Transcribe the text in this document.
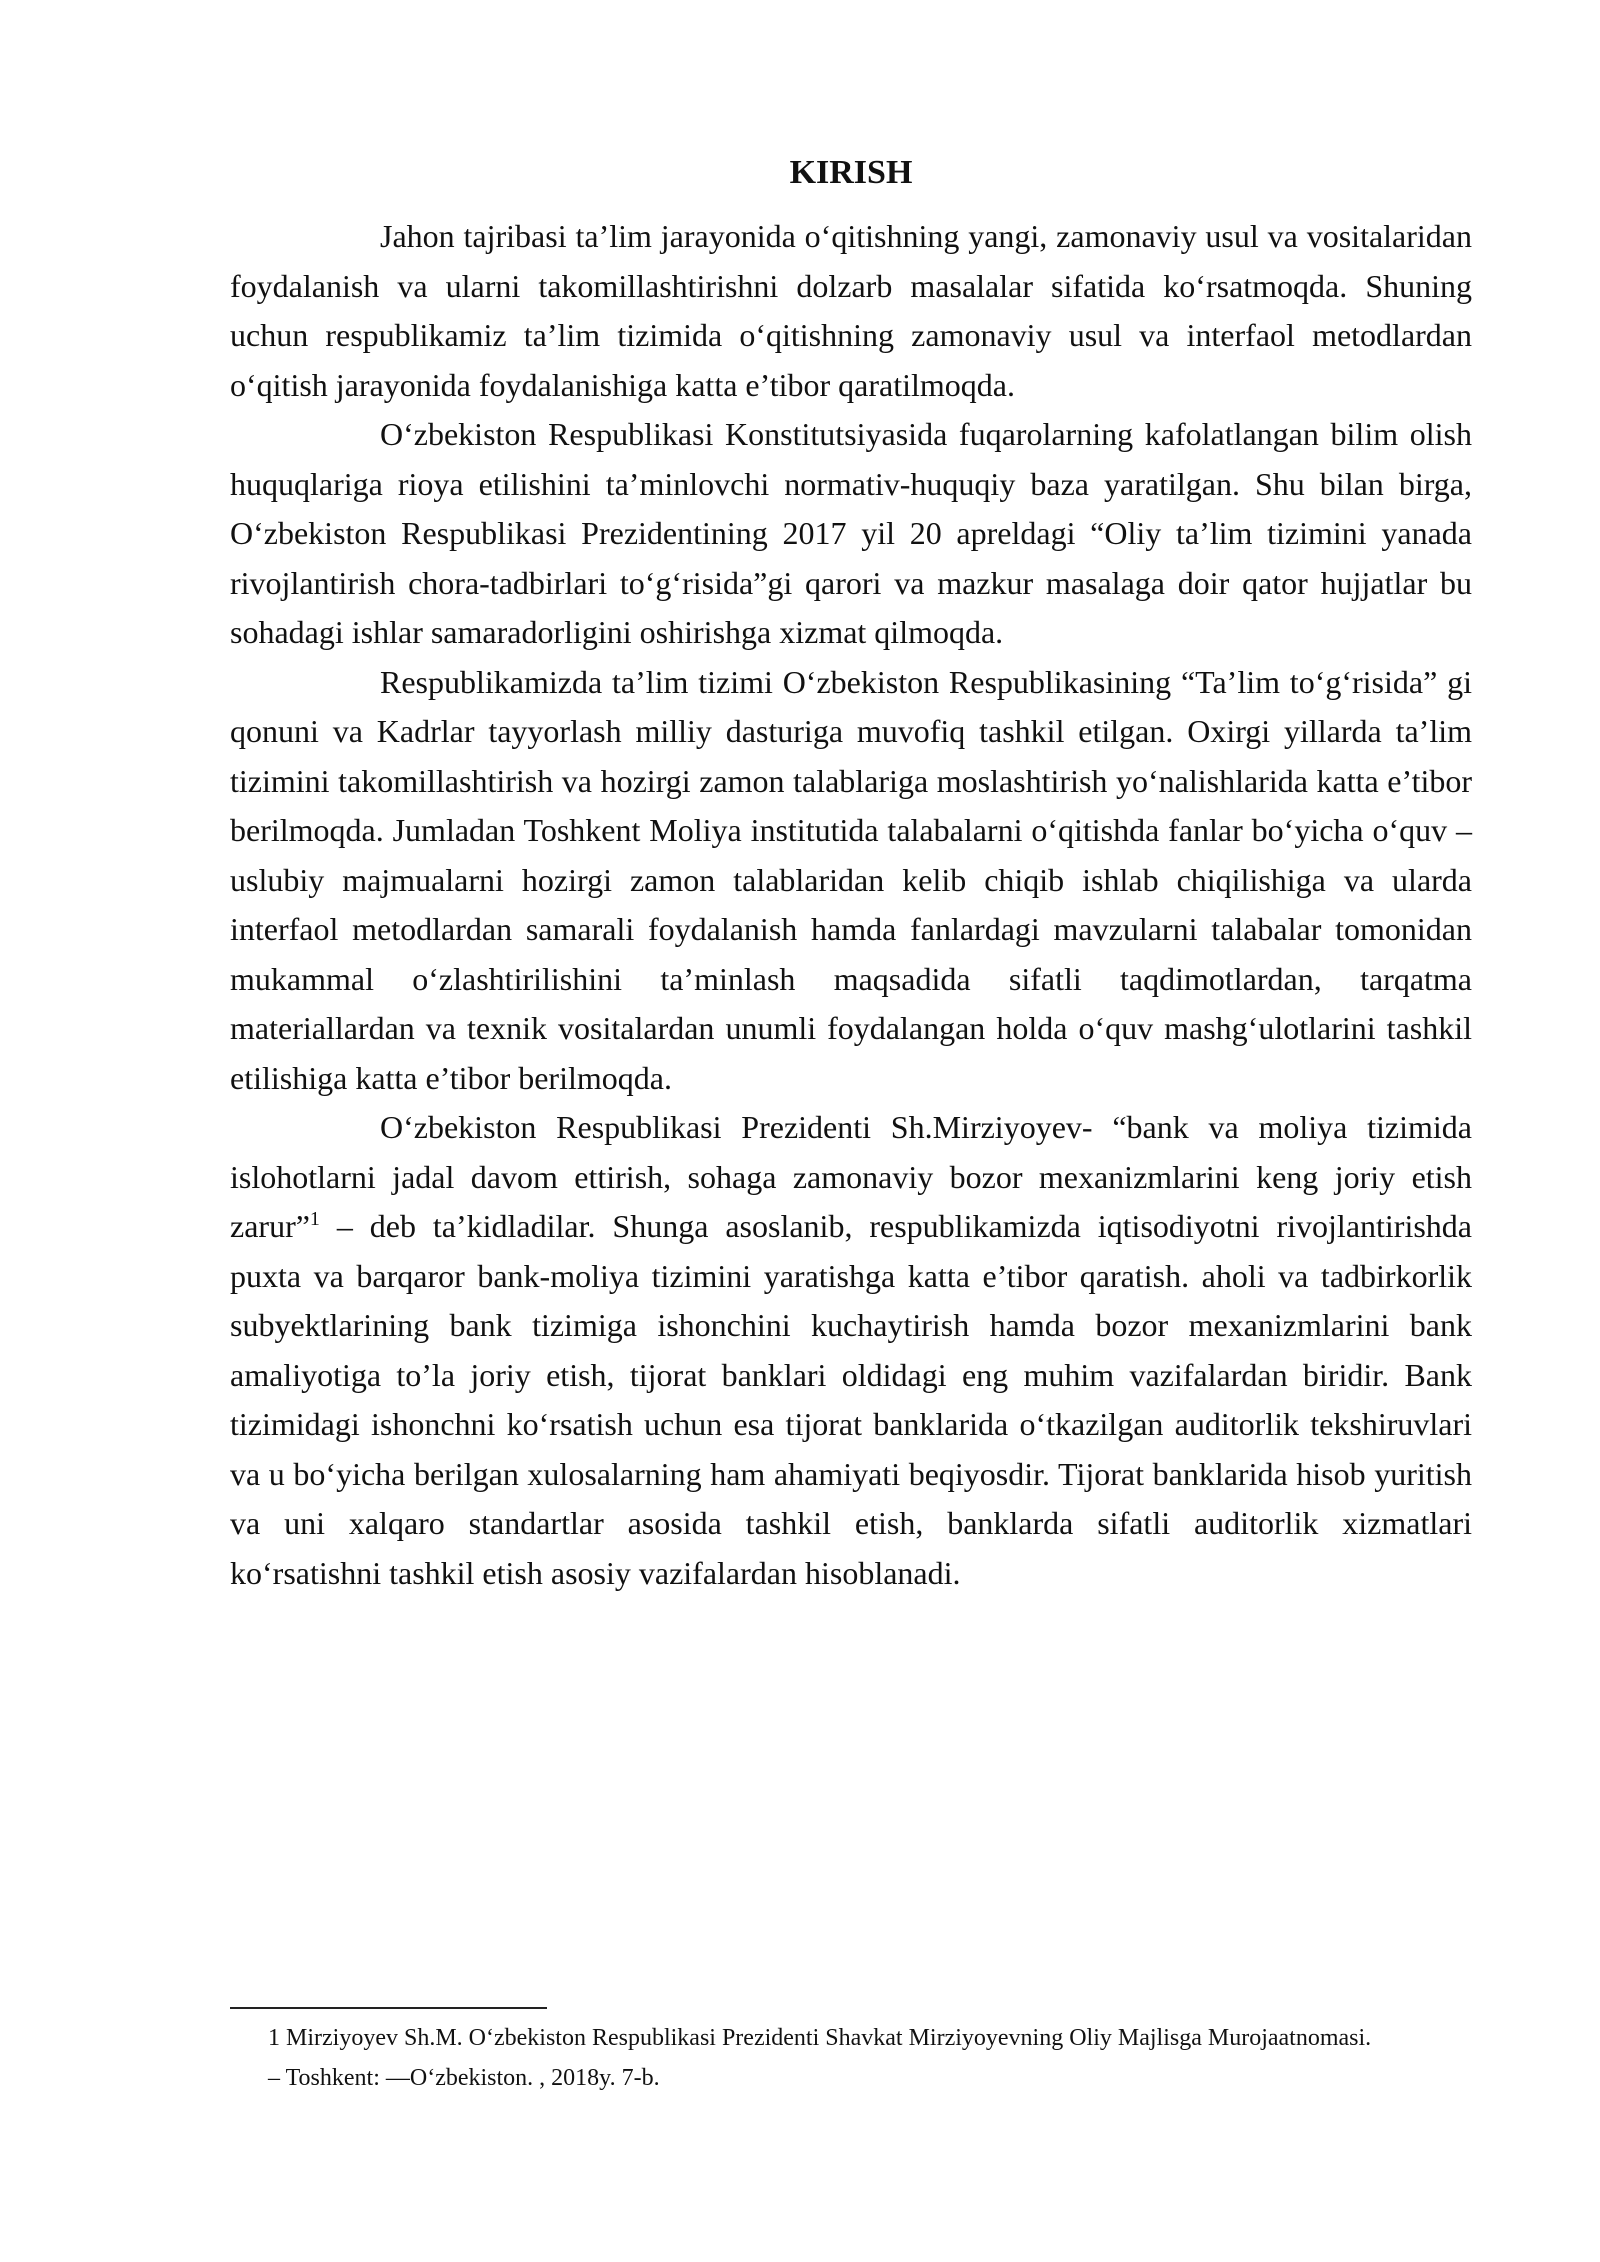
KIRISH

Jahon tajribasi ta’lim jarayonida o‘qitishning yangi, zamonaviy usul va vositalaridan foydalanish va ularni takomillashtirishni dolzarb masalalar sifatida ko‘rsatmoqda. Shuning uchun respublikamiz ta’lim tizimida o‘qitishning zamonaviy usul va interfaol metodlardan o‘qitish jarayonida foydalanishiga katta e’tibor qaratilmoqda.

O‘zbekiston Respublikasi Konstitutsiyasida fuqarolarning kafolatlangan bilim olish huquqlariga rioya etilishini ta’minlovchi normativ-huquqiy baza yaratilgan. Shu bilan birga, O‘zbekiston Respublikasi Prezidentining 2017 yil 20 apreldagi “Oliy ta’lim tizimini yanada rivojlantirish chora-tadbirlari to‘g‘risida”gi qarori va mazkur masalaga doir qator hujjatlar bu sohadagi ishlar samaradorligini oshirishga xizmat qilmoqda.

Respublikamizda ta’lim tizimi O‘zbekiston Respublikasining “Ta’lim to‘g‘risida” gi qonuni va Kadrlar tayyorlash milliy dasturiga muvofiq tashkil etilgan. Oxirgi yillarda ta’lim tizimini takomillashtirish va hozirgi zamon talablariga moslashtirish yo‘nalishlarida katta e’tibor berilmoqda. Jumladan Toshkent Moliya institutida talabalarni o‘qitishda fanlar bo‘yicha o‘quv – uslubiy majmualarni hozirgi zamon talablaridan kelib chiqib ishlab chiqilishiga va ularda interfaol metodlardan samarali foydalanish hamda fanlardagi mavzularni talabalar tomonidan mukammal o‘zlashtirilishini ta’minlash maqsadida sifatli taqdimotlardan, tarqatma materiallardan va texnik vositalardan unumli foydalangan holda o‘quv mashg‘ulotlarini tashkil etilishiga katta e’tibor berilmoqda.

O‘zbekiston Respublikasi Prezidenti Sh.Mirziyoyev- “bank va moliya tizimida islohotlarni jadal davom ettirish, sohaga zamonaviy bozor mexanizmlarini keng joriy etish zarur”$^1$ – deb ta’kidladilar. Shunga asoslanib, respublikamizda iqtisodiyotni rivojlantirishda puxta va barqaror bank-moliya tizimini yaratishga katta e’tibor qaratish. aholi va tadbirkorlik subyektlarining bank tizimiga ishonchini kuchaytirish hamda bozor mexanizmlarini bank amaliyotiga to’la joriy etish, tijorat banklari oldidagi eng muhim vazifalardan biridir. Bank tizimidagi ishonchni ko‘rsatish uchun esa tijorat banklarida o‘tkazilgan auditorlik tekshiruvlari va u bo‘yicha berilgan xulosalarning ham ahamiyati beqiyosdir. Tijorat banklarida hisob yuritish va uni xalqaro standartlar asosida tashkil etish, banklarda sifatli auditorlik xizmatlari ko‘rsatishni tashkil etish asosiy vazifalardan hisoblanadi.

1 Mirziyoyev Sh.M. O‘zbekiston Respublikasi Prezidenti Shavkat Mirziyoyevning Oliy Majlisga Murojaatnomasi.
– Toshkent: ―O‘zbekiston. , 2018y. 7-b.
